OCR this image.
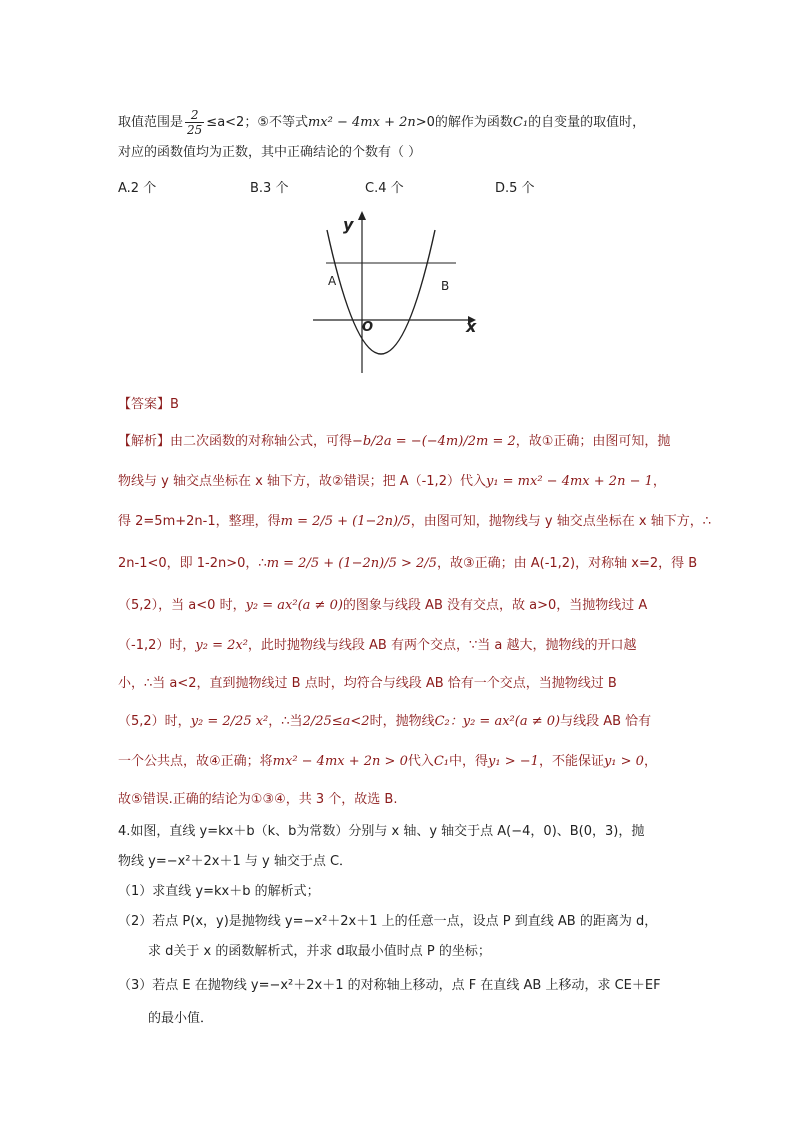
取值范围是 $\frac{2}{25} \le a<2$；⑤不等式mx² − 4mx + 2n>0的解作为函数C₁的自变量的取值时，
对应的函数值均为正数，其中正确结论的个数有（ ）
A.2 个	B.3 个	C.4 个	D.5 个
y
x
O
A	B
【答案】B
【解析】由二次函数的对称轴公式，可得−b/2a = −(−4m)/2m = 2，故①正确；由图可知，抛
物线与 y 轴交点坐标在 x 轴下方，故②错误；把 A（-1,2）代入y₁ = mx² − 4mx + 2n − 1，
得 2=5m+2n-1，整理，得m = 2/5 + (1−2n)/5，由图可知，抛物线与 y 轴交点坐标在 x 轴下方，∴
2n-1<0，即 1-2n>0，∴m = 2/5 + (1−2n)/5 > 2/5，故③正确；由 A(-1,2)，对称轴 x=2，得 B
（5,2），当 a<0 时，y₂ = ax²(a ≠ 0)的图象与线段 AB 没有交点，故 a>0，当抛物线过 A
（-1,2）时，y₂ = 2x²，此时抛物线与线段 AB 有两个交点，∵当 a 越大，抛物线的开口越
小，∴当 a<2，直到抛物线过 B 点时，均符合与线段 AB 恰有一个交点，当抛物线过 B
（5,2）时，y₂ = 2/25 x²，∴当2/25≤a<2时，抛物线C₂：y₂ = ax²(a ≠ 0)与线段 AB 恰有
一个公共点，故④正确；将mx² − 4mx + 2n > 0代入C₁中，得y₁ > −1，不能保证y₁ > 0，
故⑤错误.正确的结论为①③④，共 3 个，故选 B.
4.如图，直线 y=kx＋b（k、b为常数）分别与 x 轴、y 轴交于点 A(−4，0)、B(0，3)，抛
物线 y=−x²＋2x＋1 与 y 轴交于点 C．
（1）求直线 y=kx＋b 的解析式；
（2）若点 P(x，y)是抛物线 y=−x²＋2x＋1 上的任意一点，设点 P 到直线 AB 的距离为 d，
求 d关于 x 的函数解析式，并求 d取最小值时点 P 的坐标；
（3）若点 E 在抛物线 y=−x²＋2x＋1 的对称轴上移动，点 F 在直线 AB 上移动，求 CE＋EF
的最小值．
